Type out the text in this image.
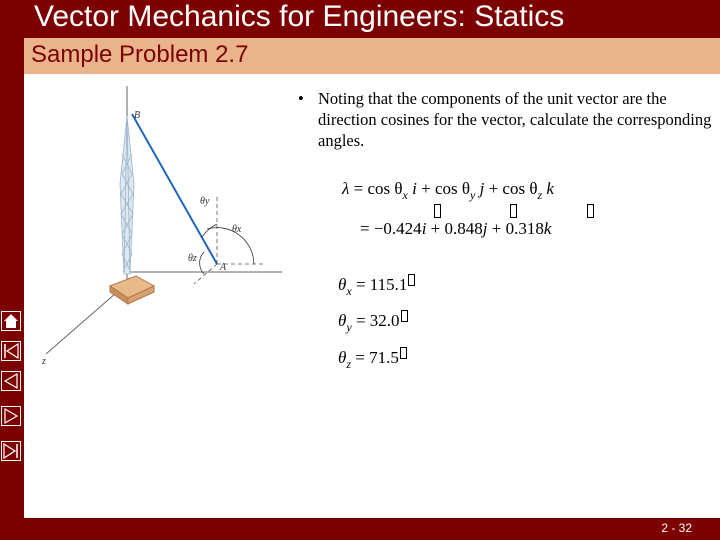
Vector Mechanics for Engineers: Statics
Sample Problem 2.7
B
A
θy
θx
θz
z
• Noting that the components of the unit vector are the direction cosines for the vector, calculate the corresponding angles.
$\lambda = \cos \theta_x$ $i + \cos \theta_y$ $j + \cos \theta_z$ k
= −0.424i + 0.848j + 0.318k
$\theta_x = 115.1$
$\theta_y = 32.0$
$\theta_z = 71.5$
2 - 32
